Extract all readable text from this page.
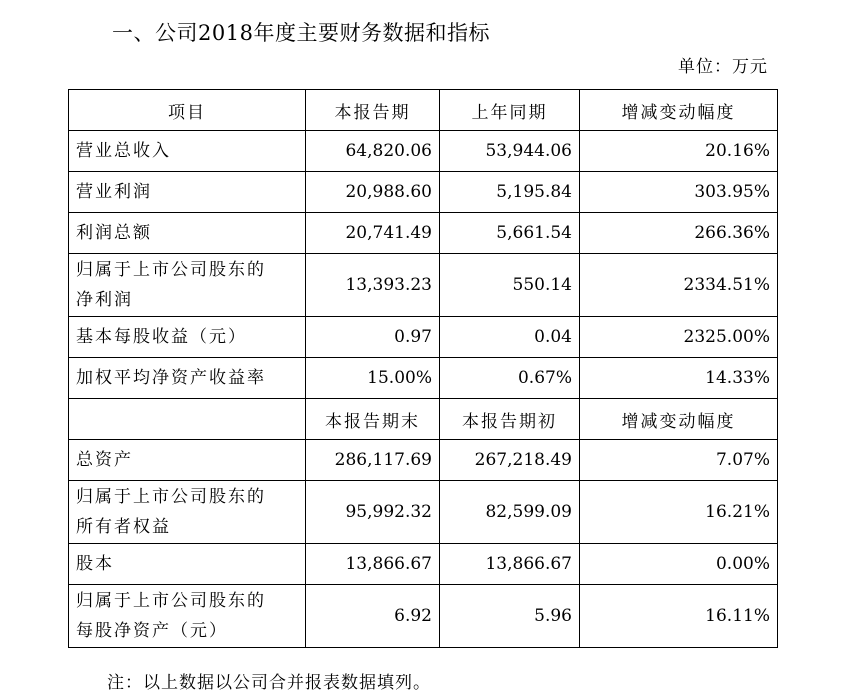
一、公司2018年度主要财务数据和指标
单位：万元
项目	本报告期	上年同期	增减变动幅度
营业总收入	64,820.06	53,944.06	20.16%
营业利润	20,988.60	5,195.84	303.95%
利润总额	20,741.49	5,661.54	266.36%
归属于上市公司股东的
净利润	13,393.23	550.14	2334.51%
基本每股收益（元）	0.97	0.04	2325.00%
加权平均净资产收益率	15.00%	0.67%	14.33%
	本报告期末	本报告期初	增减变动幅度
总资产	286,117.69	267,218.49	7.07%
归属于上市公司股东的
所有者权益	95,992.32	82,599.09	16.21%
股本	13,866.67	13,866.67	0.00%
归属于上市公司股东的
每股净资产（元）	6.92	5.96	16.11%
注：以上数据以公司合并报表数据填列。
